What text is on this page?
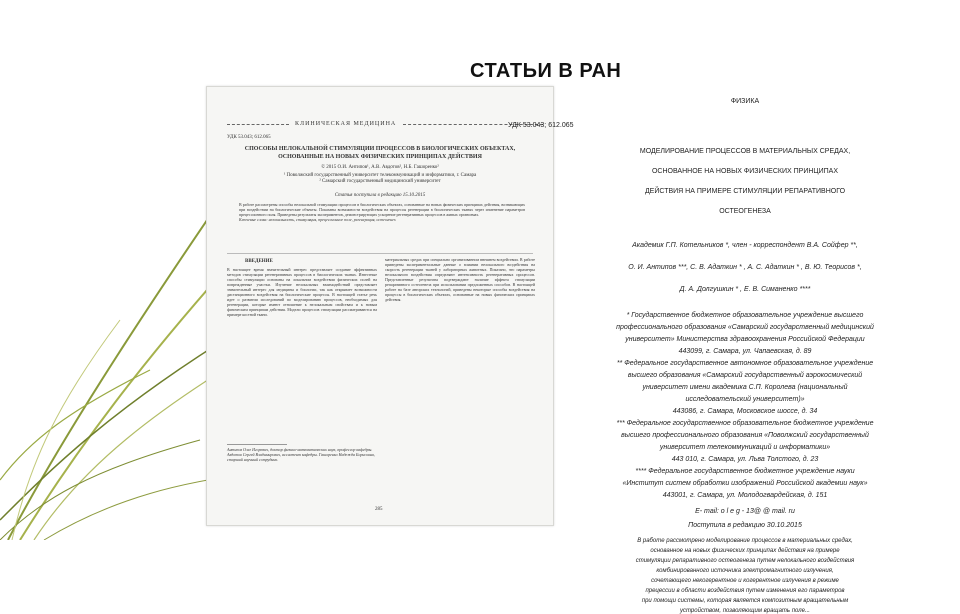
СТАТЬИ В РАН
КЛИНИЧЕСКАЯ МЕДИЦИНА
УДК 53.043; 612.065
СПОСОБЫ НЕЛОКАЛЬНОЙ СТИМУЛЯЦИИ ПРОЦЕССОВ В БИОЛОГИЧЕСКИХ ОБЪЕКТАХ,
ОСНОВАННЫЕ НА НОВЫХ ФИЗИЧЕСКИХ ПРИНЦИПАХ ДЕЙСТВИЯ
© 2015 О.И. Антипов¹, А.В. Авдотов², Н.Б. Гашоренко²
¹ Поволжский государственный университет телекоммуникаций и информатики, г. Самара
² Самарский государственный медицинский университет
Статья поступила в редакцию 15.10.2015
В работе рассмотрены способы нелокальной стимуляции процессов в биологических объектах, основанные на новых физических принципах действия, возникающих при воздействии на биологические объекты. Показаны возможности воздействия на процессы регенерации в биологических тканях через изменение параметров прецессионного поля. Приведены результаты экспериментов, демонстрирующих ускорение регенеративных процессов в живых организмах.
Ключевые слова: нелокальность, стимуляция, прецессионное поле, регенерация, остеогенез.
ВВЕДЕНИЕ
В настоящее время значительный интерес представляет создание эффективных методов стимуляции регенеративных процессов в биологических тканях. Известные способы стимуляции основаны на локальном воздействии физических полей на поврежденные участки. Изучение нелокальных взаимодействий представляет значительный интерес для медицины и биологии, так как открывает возможности дистанционного воздействия на биологические процессы. В настоящей статье речь идет о развитии исследований по моделированию процессов, необходимых для регенерации, которые имеют отношение к нелокальным свойствам и к новым физическим принципам действия. Модели процессов стимуляции рассматриваются на примере костной ткани.
материальных средах при специально организованном внешнем воздействии. В работе приведены экспериментальные данные о влиянии нелокального воздействия на скорость регенерации тканей у лабораторных животных. Показано, что параметры нелокального воздействия определяют интенсивность регенеративных процессов. Представленные результаты подтверждают наличие эффекта стимуляции репаративного остеогенеза при использовании предложенных способов. В настоящей работе на базе авторских технологий, приведены некоторые способы воздействия на процессы в биологических объектах, основанные на новых физических принципах действия.
Антипов Олег Игоревич, доктор физико-математических наук, профессор кафедры. Авдотов Сергей Владимирович, ассистент кафедры. Гашоренко Надежда Борисовна, старший научный сотрудник.
285
ФИЗИКА
УДК 53.043; 612.065
МОДЕЛИРОВАНИЕ ПРОЦЕССОВ В МАТЕРИАЛЬНЫХ СРЕДАХ,
ОСНОВАННОЕ НА НОВЫХ ФИЗИЧЕСКИХ ПРИНЦИПАХ
ДЕЙСТВИЯ НА ПРИМЕРЕ СТИМУЛЯЦИИ РЕПАРАТИВНОГО
ОСТЕОГЕНЕЗА
Академик Г.П. Котельников *, член - корреспондент В.А. Сойфер **,
О. И. Антипов ***, С. В. Адаткин * , А. С. Адаткин * , В. Ю. Теорисов *,
Д. А. Долгушкин * , Е. В. Симаненко ****
* Государственное бюджетное образовательное учреждение высшего
профессионального образования «Самарский государственный медицинский
университет» Министерства здравоохранения Российской Федерации
443099, г. Самара, ул. Чапаевская, д. 89
** Федеральное государственное автономное образовательное учреждение
высшего образования «Самарский государственный аэрокосмический
университет имени академика С.П. Королева (национальный
исследовательский университет)»
443086, г. Самара, Московское шоссе, д. 34
*** Федеральное государственное образовательное бюджетное учреждение
высшего профессионального образования «Поволжский государственный
университет телекоммуникаций и информатики»
443 010, г. Самара, ул. Льва Толстого, д. 23
**** Федеральное государственное бюджетное учреждение науки
«Институт систем обработки изображений Российской академии наук»
443001, г. Самара, ул. Молодогвардейская, д. 151
E- mail: o l e g - 13@ @ mail. ru
Поступила в редакцию 30.10.2015
В работе рассмотрено моделирование процессов в материальных средах,
основанное на новых физических принципах действия на примере
стимуляции репаративного остеогенеза путем нелокального воздействия
комбинированного источника электромагнитного излучения,
сочетающего некогерентное и когерентное излучения в режиме
прецессии в области воздействия путем изменения его параметров
при помощи системы, которая является композитным вращательным
устройством, позволяющим вращать поле...
